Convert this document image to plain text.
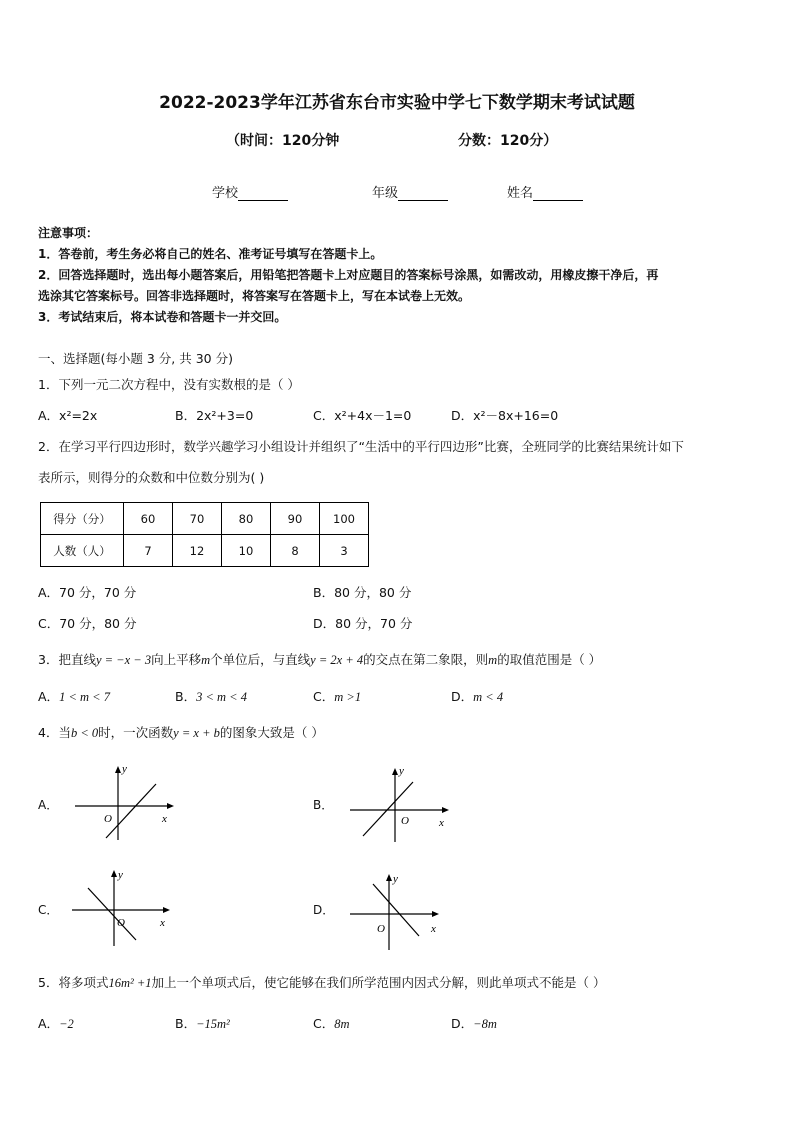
2022-2023学年江苏省东台市实验中学七下数学期末考试试题
（时间：120分钟	分数：120分）
学校	年级	姓名
注意事项：
1．答卷前，考生务必将自己的姓名、准考证号填写在答题卡上。
2．回答选择题时，选出每小题答案后，用铅笔把答题卡上对应题目的答案标号涂黑，如需改动，用橡皮擦干净后，再
选涂其它答案标号。回答非选择题时，将答案写在答题卡上，写在本试卷上无效。
3．考试结束后，将本试卷和答题卡一并交回。
一、选择题(每小题 3 分, 共 30 分)
1．下列一元二次方程中，没有实数根的是（ ）
A．x²=2x	B．2x²+3=0	C．x²+4x－1=0	D．x²－8x+16=0
2．在学习平行四边形时，数学兴趣学习小组设计并组织了“生活中的平行四边形”比赛，全班同学的比赛结果统计如下
表所示，则得分的众数和中位数分别为( )
得分（分）	60	70	80	90	100
人数（人）	7	12	10	8	3
A．70 分，70 分	B．80 分，80 分
C．70 分，80 分	D．80 分，70 分
3．把直线y = −x − 3向上平移m个单位后，与直线y = 2x + 4的交点在第二象限，则m的取值范围是（ ）
A．1 < m < 7	B．3 < m < 4	C．m >1	D．m < 4
4．当b < 0时，一次函数y = x + b的图象大致是（ ）
A．
y
x
O
B．
y
x
O
C．
y
x
O
D．
y
x
O
5．将多项式16m² +1加上一个单项式后，使它能够在我们所学范围内因式分解，则此单项式不能是（ ）
A．−2	B．−15m²	C．8m	D．−8m
